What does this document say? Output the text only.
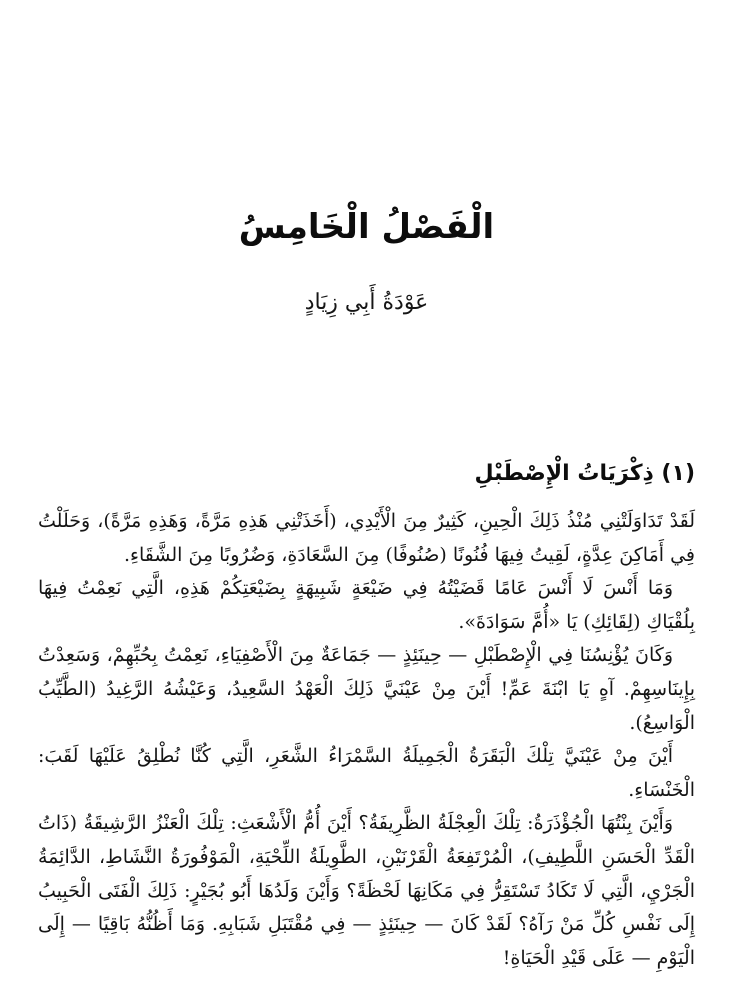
الْفَصْلُ الْخَامِسُ
عَوْدَةُ أَبِي زِيَادٍ
(١) ذِكْرَيَاتُ الْإِصْطَبْلِ

لَقَدْ تَدَاوَلَتْنِي مُنْذُ ذَلِكَ الْحِينِ، كَثِيرٌ مِنَ الْأَيْدِي، (أَخَذَتْنِي هَذِهِ مَرَّةً، وَهَذِهِ مَرَّةً)، وَحَلَلْتُ فِي أَمَاكِنَ عِدَّةٍ، لَقِيتُ فِيهَا فُنُونًا (صُنُوفًا) مِنَ السَّعَادَةِ، وَضُرُوبًا مِنَ الشَّقَاءِ.

وَمَا أَنْسَ لَا أَنْسَ عَامًا قَضَيْتُهُ فِي ضَيْعَةٍ شَبِيهَةٍ بِضَيْعَتِكُمْ هَذِهِ، الَّتِي نَعِمْتُ فِيهَا بِلُقْيَاكِ (لِقَائِكِ) يَا «أُمَّ سَوَادَةَ».

وَكَانَ يُؤْنِسُنَا فِي الْإِصْطَبْلِ — حِينَئِذٍ — جَمَاعَةٌ مِنَ الْأَصْفِيَاءِ، نَعِمْتُ بِحُبِّهِمْ، وَسَعِدْتُ بِإِينَاسِهِمْ. آهٍ يَا ابْنَةَ عَمِّ! أَيْنَ مِنْ عَيْنَيَّ ذَلِكَ الْعَهْدُ السَّعِيدُ، وَعَيْشُهُ الرَّغِيدُ (الطَّيِّبُ الْوَاسِعُ).

أَيْنَ مِنْ عَيْنَيَّ تِلْكَ الْبَقَرَةُ الْجَمِيلَةُ السَّمْرَاءُ الشَّعَرِ، الَّتِي كُنَّا نُطْلِقُ عَلَيْهَا لَقَبَ: الْخَنْسَاءِ.

وَأَيْنَ بِنْتُهَا الْجُؤْذَرَةُ: تِلْكَ الْعِجْلَةُ الظَّرِيفَةُ؟ أَيْنَ أُمُّ الْأَشْعَثِ: تِلْكَ الْعَنْزُ الرَّشِيقَةُ (ذَاتُ الْقَدِّ الْحَسَنِ اللَّطِيفِ)، الْمُرْتَفِعَةُ الْقَرْنَيْنِ، الطَّوِيلَةُ اللِّحْيَةِ، الْمَوْفُورَةُ النَّشَاطِ، الدَّائِمَةُ الْجَرْيِ، الَّتِي لَا تَكَادُ تَسْتَقِرُّ فِي مَكَانِهَا لَحْظَةً؟ وَأَيْنَ وَلَدُهَا أَبُو بُجَيْرٍ: ذَلِكَ الْفَتَى الْحَبِيبُ إِلَى نَفْسِ كُلِّ مَنْ رَآهُ؟ لَقَدْ كَانَ — حِينَئِذٍ — فِي مُقْتَبَلِ شَبَابِهِ. وَمَا أَظُنُّهُ بَاقِيًا — إِلَى الْيَوْمِ — عَلَى قَيْدِ الْحَيَاةِ!
